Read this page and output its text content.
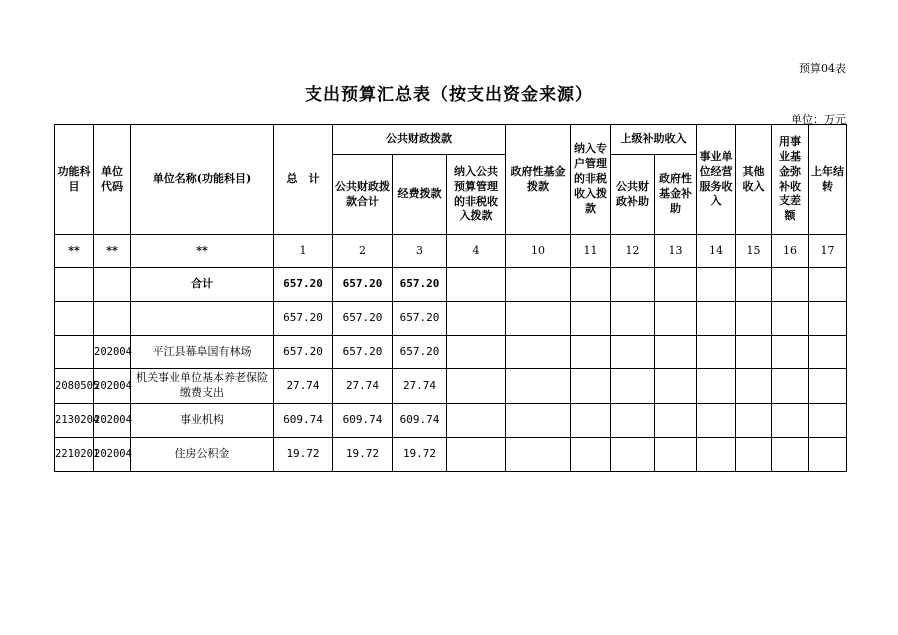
预算04表
支出预算汇总表（按支出资金来源）
单位：万元
功能科目	单位代码	单位名称(功能科目)	总　计	公共财政拨款			政府性基金拨款	纳入专户管理的非税收入拨款	上级补助收入		事业单位经营服务收入	其他收入	用事业基金弥补收支差额	上年结转
				公共财政拨款合计	经费拨款	纳入公共预算管理的非税收入拨款			公共财政补助	政府性基金补助				
**	**	**	1	2	3	4	10	11	12	13	14	15	16	17
		合计	657.20	657.20	657.20									
			657.20	657.20	657.20									
	202004	平江县幕阜国有林场	657.20	657.20	657.20									
2080505	202004	机关事业单位基本养老保险缴费支出	27.74	27.74	27.74									
2130204	202004	事业机构	609.74	609.74	609.74									
2210201	202004	住房公积金	19.72	19.72	19.72									
